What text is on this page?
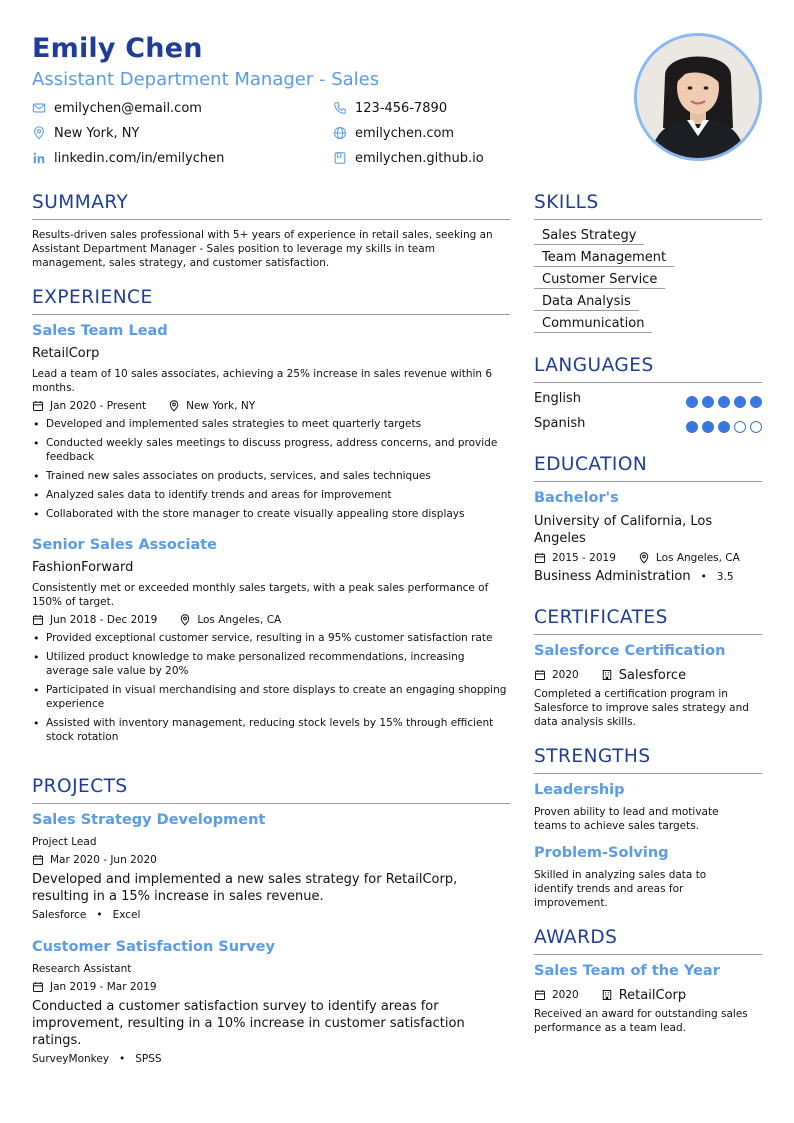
Emily Chen
Assistant Department Manager - Sales
emilychen@email.com	123-456-7890
New York, NY	emilychen.com
linkedin.com/in/emilychen	emilychen.github.io
SUMMARY
Results-driven sales professional with 5+ years of experience in retail sales, seeking an Assistant Department Manager - Sales position to leverage my skills in team management, sales strategy, and customer satisfaction.
EXPERIENCE
Sales Team Lead
RetailCorp
Lead a team of 10 sales associates, achieving a 25% increase in sales revenue within 6 months.
Jan 2020 - Present	New York, NY
• Developed and implemented sales strategies to meet quarterly targets
• Conducted weekly sales meetings to discuss progress, address concerns, and provide feedback
• Trained new sales associates on products, services, and sales techniques
• Analyzed sales data to identify trends and areas for improvement
• Collaborated with the store manager to create visually appealing store displays
Senior Sales Associate
FashionForward
Consistently met or exceeded monthly sales targets, with a peak sales performance of 150% of target.
Jun 2018 - Dec 2019	Los Angeles, CA
• Provided exceptional customer service, resulting in a 95% customer satisfaction rate
• Utilized product knowledge to make personalized recommendations, increasing average sale value by 20%
• Participated in visual merchandising and store displays to create an engaging shopping experience
• Assisted with inventory management, reducing stock levels by 15% through efficient stock rotation
PROJECTS
Sales Strategy Development
Project Lead
Mar 2020 - Jun 2020
Developed and implemented a new sales strategy for RetailCorp, resulting in a 15% increase in sales revenue.
Salesforce • Excel
Customer Satisfaction Survey
Research Assistant
Jan 2019 - Mar 2019
Conducted a customer satisfaction survey to identify areas for improvement, resulting in a 10% increase in customer satisfaction ratings.
SurveyMonkey • SPSS
SKILLS
Sales Strategy
Team Management
Customer Service
Data Analysis
Communication
LANGUAGES
English
Spanish
EDUCATION
Bachelor's
University of California, Los Angeles
2015 - 2019	Los Angeles, CA
Business Administration • 3.5
CERTIFICATES
Salesforce Certification
2020	Salesforce
Completed a certification program in Salesforce to improve sales strategy and data analysis skills.
STRENGTHS
Leadership
Proven ability to lead and motivate teams to achieve sales targets.
Problem-Solving
Skilled in analyzing sales data to identify trends and areas for improvement.
AWARDS
Sales Team of the Year
2020	RetailCorp
Received an award for outstanding sales performance as a team lead.
